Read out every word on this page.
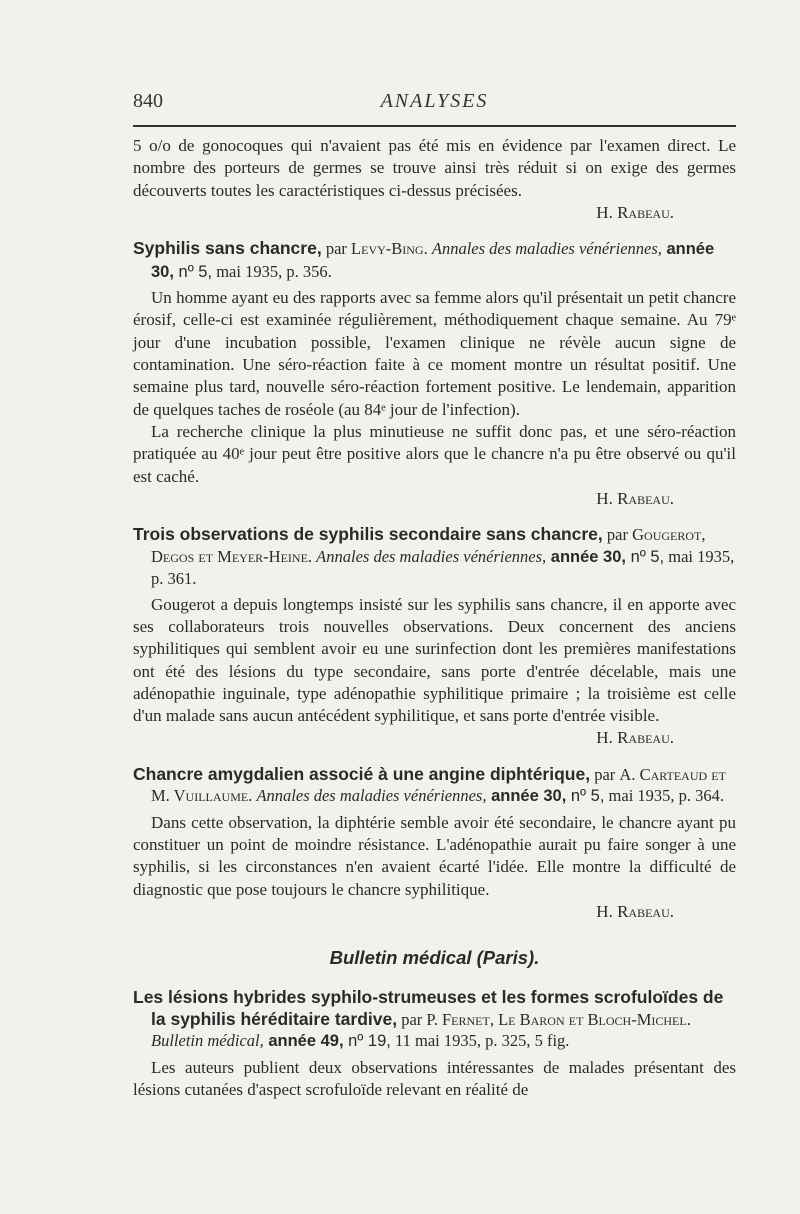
840	ANALYSES

5 o/o de gonocoques qui n'avaient pas été mis en évidence par l'examen direct. Le nombre des porteurs de germes se trouve ainsi très réduit si on exige des germes découverts toutes les caractéristiques ci-dessus précisées.

H. Rabeau.

Syphilis sans chancre, par Levy-Bing. Annales des maladies vénériennes, année 30, nº 5, mai 1935, p. 356.

Un homme ayant eu des rapports avec sa femme alors qu'il présentait un petit chancre érosif, celle-ci est examinée régulièrement, méthodiquement chaque semaine. Au 79ᵉ jour d'une incubation possible, l'examen clinique ne révèle aucun signe de contamination. Une séro-réaction faite à ce moment montre un résultat positif. Une semaine plus tard, nouvelle séro-réaction fortement positive. Le lendemain, apparition de quelques taches de roséole (au 84ᵉ jour de l'infection).

La recherche clinique la plus minutieuse ne suffit donc pas, et une séro-réaction pratiquée au 40ᵉ jour peut être positive alors que le chancre n'a pu être observé ou qu'il est caché.

H. Rabeau.

Trois observations de syphilis secondaire sans chancre, par Gougerot, Degos et Meyer-Heine. Annales des maladies vénériennes, année 30, nº 5, mai 1935, p. 361.

Gougerot a depuis longtemps insisté sur les syphilis sans chancre, il en apporte avec ses collaborateurs trois nouvelles observations. Deux concernent des anciens syphilitiques qui semblent avoir eu une surinfection dont les premières manifestations ont été des lésions du type secondaire, sans porte d'entrée décelable, mais une adénopathie inguinale, type adénopathie syphilitique primaire ; la troisième est celle d'un malade sans aucun antécédent syphilitique, et sans porte d'entrée visible.

H. Rabeau.

Chancre amygdalien associé à une angine diphtérique, par A. Carteaud et M. Vuillaume. Annales des maladies vénériennes, année 30, nº 5, mai 1935, p. 364.

Dans cette observation, la diphtérie semble avoir été secondaire, le chancre ayant pu constituer un point de moindre résistance. L'adénopathie aurait pu faire songer à une syphilis, si les circonstances n'en avaient écarté l'idée. Elle montre la difficulté de diagnostic que pose toujours le chancre syphilitique.

H. Rabeau.

Bulletin médical (Paris).
Les lésions hybrides syphilo-strumeuses et les formes scrofuloïdes de la syphilis héréditaire tardive, par P. Fernet, Le Baron et Bloch-Michel. Bulletin médical, année 49, nº 19, 11 mai 1935, p. 325, 5 fig.

Les auteurs publient deux observations intéressantes de malades présentant des lésions cutanées d'aspect scrofuloïde relevant en réalité de
